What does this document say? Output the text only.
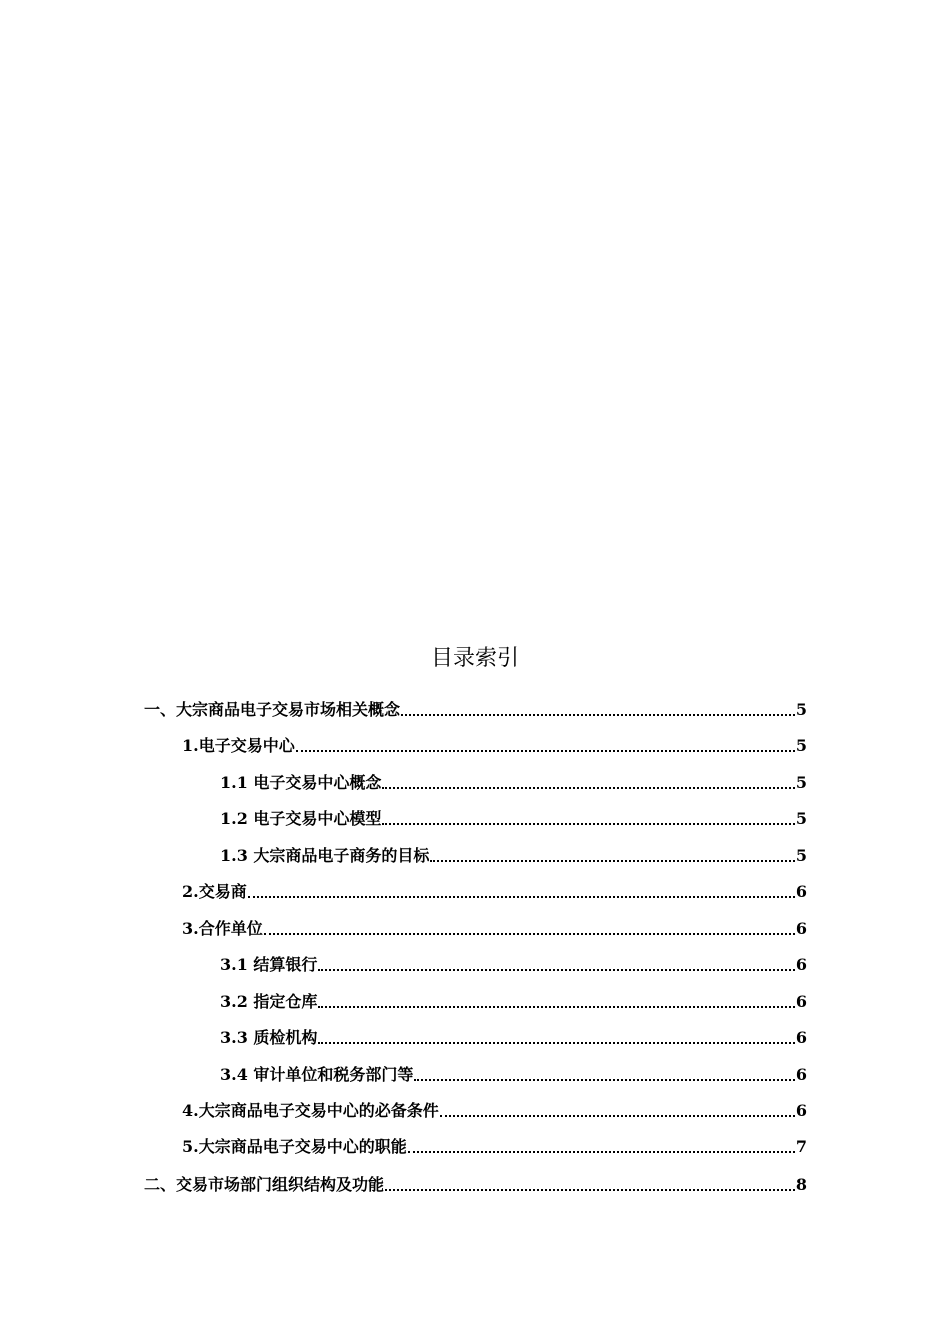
目录索引
一、大宗商品电子交易市场相关概念	5
1.电子交易中心	5
1.1 电子交易中心概念	5
1.2 电子交易中心模型	5
1.3 大宗商品电子商务的目标	5
2.交易商	6
3.合作单位	6
3.1 结算银行	6
3.2 指定仓库	6
3.3 质检机构	6
3.4 审计单位和税务部门等	6
4.大宗商品电子交易中心的必备条件	6
5.大宗商品电子交易中心的职能	7
二、交易市场部门组织结构及功能	8
